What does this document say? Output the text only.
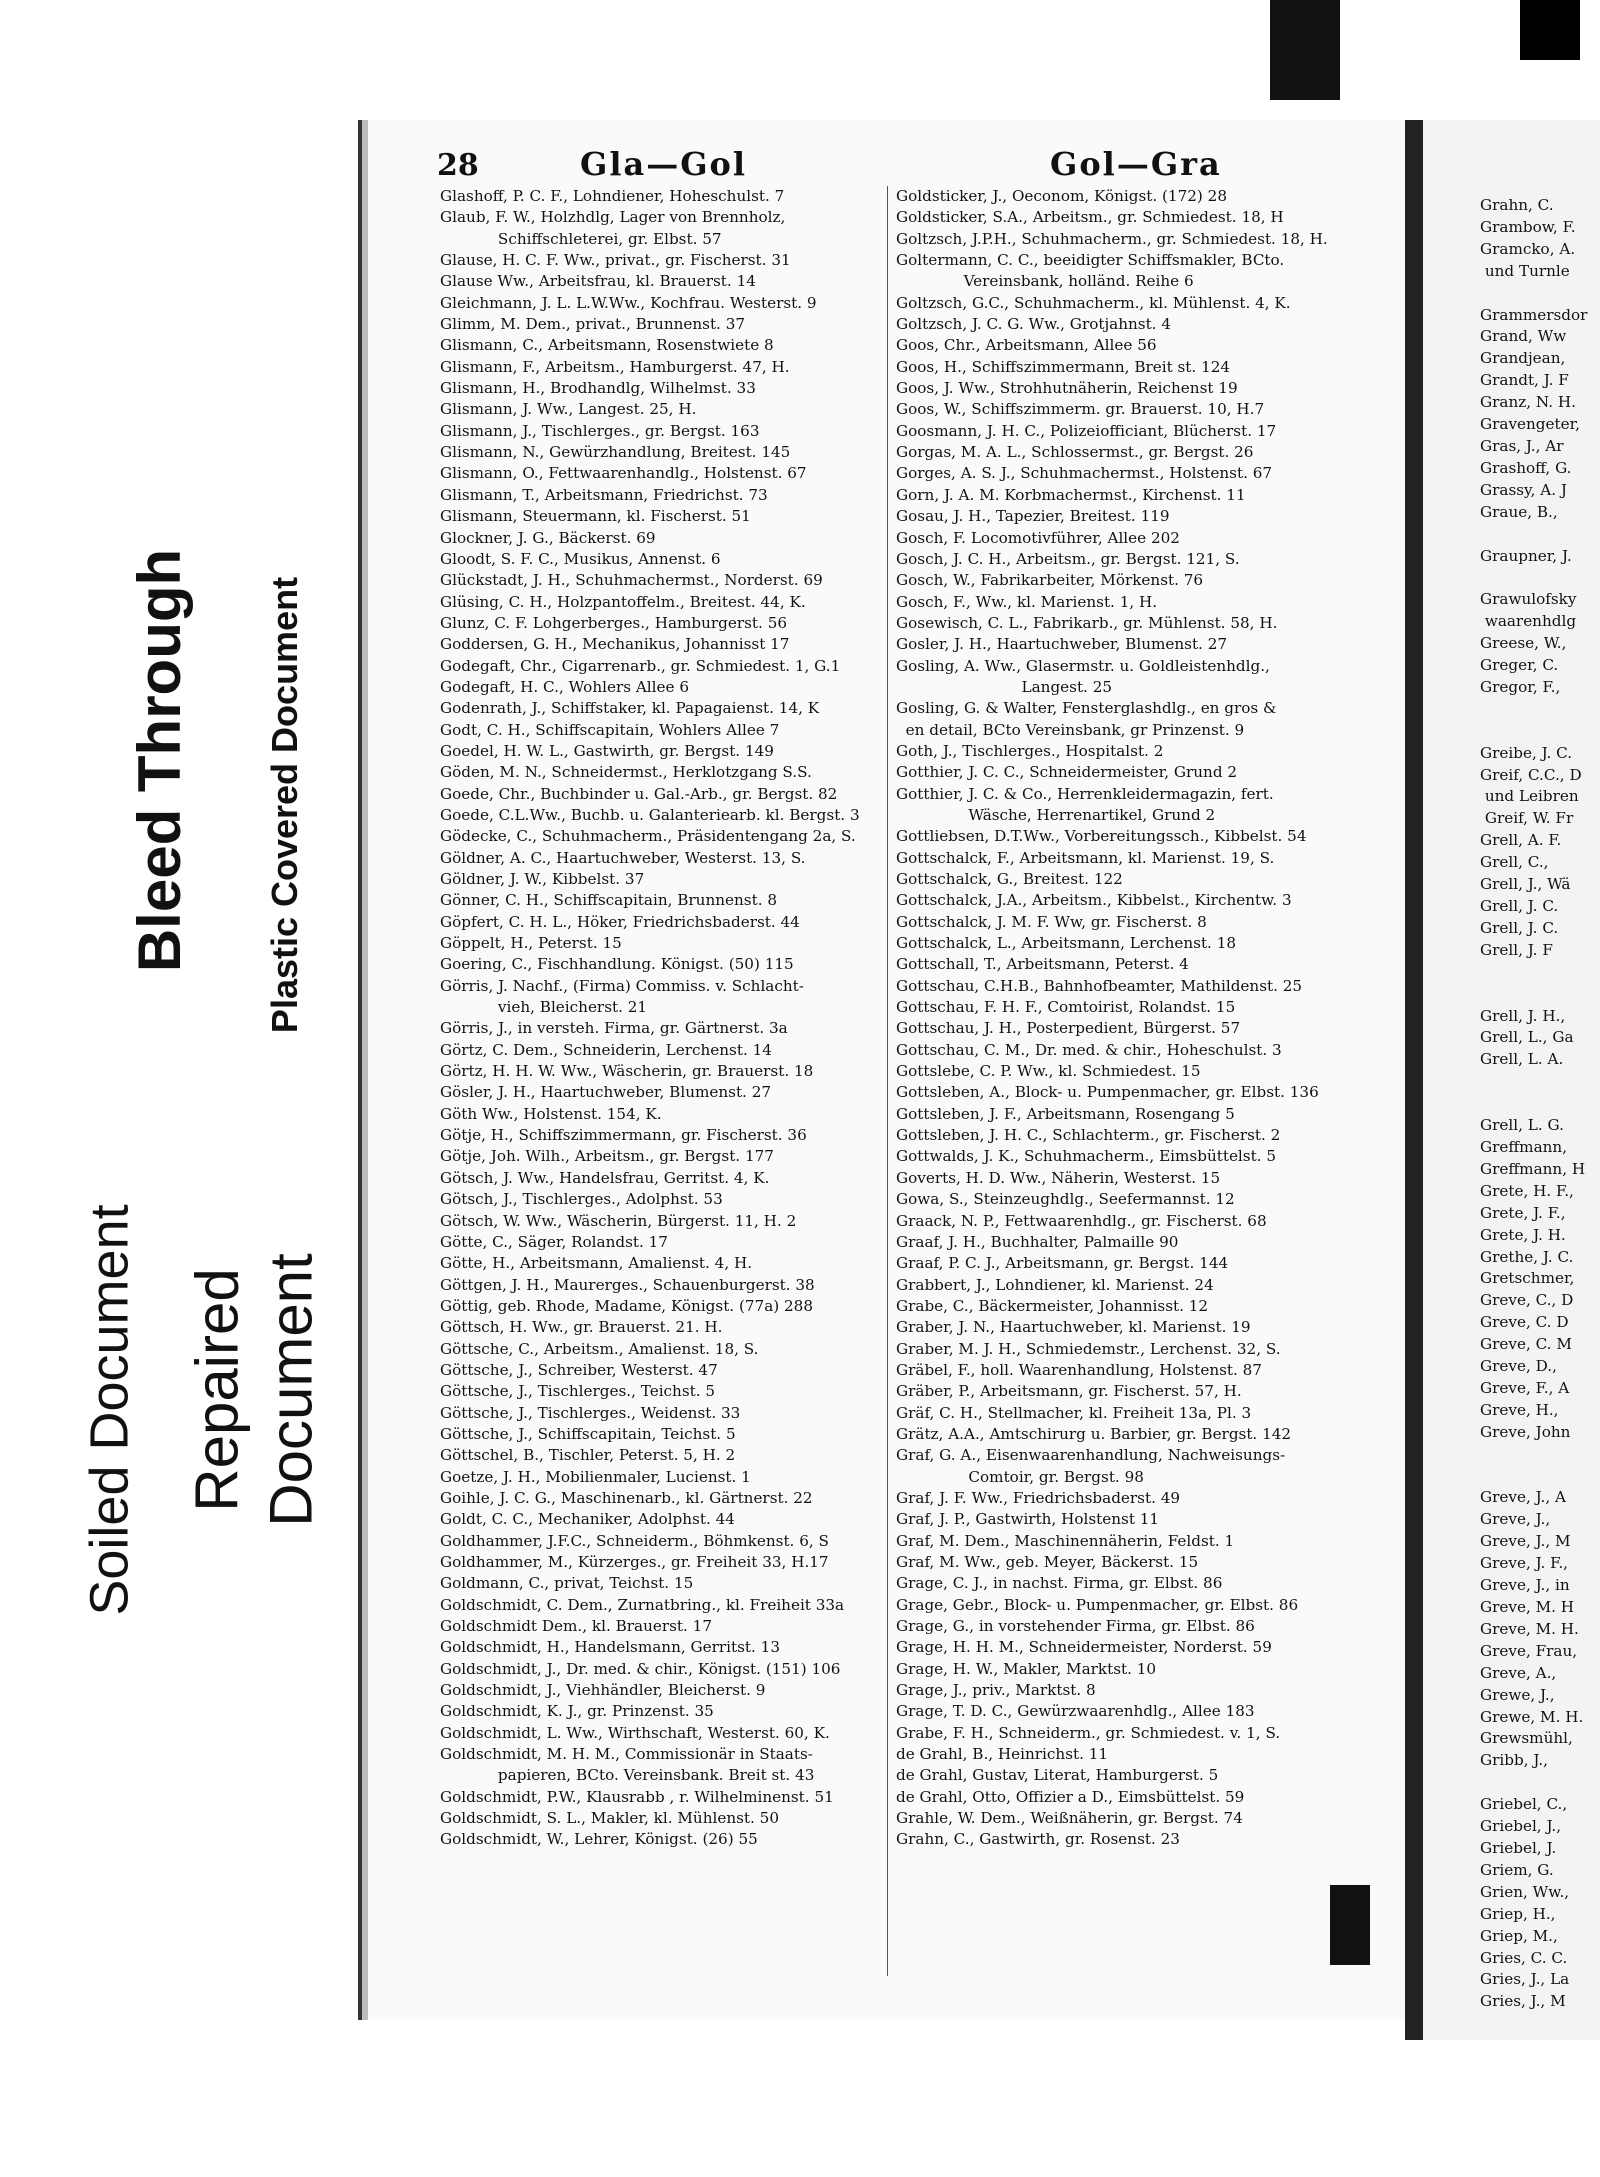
28	Gla—Gol	Gol—Gra
Glashoff, P. C. F., Lohndiener, Hoheschulst. 7
Glaub, F. W., Holzhdlg, Lager von Brennholz,
Schiffschleterei, gr. Elbst. 57
Glause, H. C. F. Ww., privat., gr. Fischerst. 31
Glause Ww., Arbeitsfrau, kl. Brauerst. 14
Gleichmann, J. L. L.W.Ww., Kochfrau. Westerst. 9
Glimm, M. Dem., privat., Brunnenst. 37
Glismann, C., Arbeitsmann, Rosenstwiete 8
Glismann, F., Arbeitsm., Hamburgerst. 47, H.
Glismann, H., Brodhandlg, Wilhelmst. 33
Glismann, J. Ww., Langest. 25, H.
Glismann, J., Tischlerges., gr. Bergst. 163
Glismann, N., Gewürzhandlung, Breitest. 145
Glismann, O., Fettwaarenhandlg., Holstenst. 67
Glismann, T., Arbeitsmann, Friedrichst. 73
Glismann, Steuermann, kl. Fischerst. 51
Glockner, J. G., Bäckerst. 69
Gloodt, S. F. C., Musikus, Annenst. 6
Glückstadt, J. H., Schuhmachermst., Norderst. 69
Glüsing, C. H., Holzpantoffelm., Breitest. 44, K.
Glunz, C. F. Lohgerberges., Hamburgerst. 56
Goddersen, G. H., Mechanikus, Johannisst 17
Godegaft, Chr., Cigarrenarb., gr. Schmiedest. 1, G.1
Godegaft, H. C., Wohlers Allee 6
Godenrath, J., Schiffstaker, kl. Papagaienst. 14, K
Godt, C. H., Schiffscapitain, Wohlers Allee 7
Goedel, H. W. L., Gastwirth, gr. Bergst. 149
Göden, M. N., Schneidermst., Herklotzgang S.S.
Goede, Chr., Buchbinder u. Gal.-Arb., gr. Bergst. 82
Goede, C.L.Ww., Buchb. u. Galanteriearb. kl. Bergst. 3
Gödecke, C., Schuhmacherm., Präsidentengang 2a, S.
Göldner, A. C., Haartuchweber, Westerst. 13, S.
Göldner, J. W., Kibbelst. 37
Gönner, C. H., Schiffscapitain, Brunnenst. 8
Göpfert, C. H. L., Höker, Friedrichsbaderst. 44
Göppelt, H., Peterst. 15
Goering, C., Fischhandlung. Königst. (50) 115
Görris, J. Nachf., (Firma) Commiss. v. Schlacht-
vieh, Bleicherst. 21
Görris, J., in versteh. Firma, gr. Gärtnerst. 3a
Görtz, C. Dem., Schneiderin, Lerchenst. 14
Görtz, H. H. W. Ww., Wäscherin, gr. Brauerst. 18
Gösler, J. H., Haartuchweber, Blumenst. 27
Göth Ww., Holstenst. 154, K.
Götje, H., Schiffszimmermann, gr. Fischerst. 36
Götje, Joh. Wilh., Arbeitsm., gr. Bergst. 177
Götsch, J. Ww., Handelsfrau, Gerritst. 4, K.
Götsch, J., Tischlerges., Adolphst. 53
Götsch, W. Ww., Wäscherin, Bürgerst. 11, H. 2
Götte, C., Säger, Rolandst. 17
Götte, H., Arbeitsmann, Amalienst. 4, H.
Göttgen, J. H., Maurerges., Schauenburgerst. 38
Göttig, geb. Rhode, Madame, Königst. (77a) 288
Göttsch, H. Ww., gr. Brauerst. 21. H.
Göttsche, C., Arbeitsm., Amalienst. 18, S.
Göttsche, J., Schreiber, Westerst. 47
Göttsche, J., Tischlerges., Teichst. 5
Göttsche, J., Tischlerges., Weidenst. 33
Göttsche, J., Schiffscapitain, Teichst. 5
Göttschel, B., Tischler, Peterst. 5, H. 2
Goetze, J. H., Mobilienmaler, Lucienst. 1
Goihle, J. C. G., Maschinenarb., kl. Gärtnerst. 22
Goldt, C. C., Mechaniker, Adolphst. 44
Goldhammer, J.F.C., Schneiderm., Böhmkenst. 6, S
Goldhammer, M., Kürzerges., gr. Freiheit 33, H.17
Goldmann, C., privat, Teichst. 15
Goldschmidt, C. Dem., Zurnatbring., kl. Freiheit 33a
Goldschmidt Dem., kl. Brauerst. 17
Goldschmidt, H., Handelsmann, Gerritst. 13
Goldschmidt, J., Dr. med. & chir., Königst. (151) 106
Goldschmidt, J., Viehhändler, Bleicherst. 9
Goldschmidt, K. J., gr. Prinzenst. 35
Goldschmidt, L. Ww., Wirthschaft, Westerst. 60, K.
Goldschmidt, M. H. M., Commissionär in Staats-
papieren, BCto. Vereinsbank. Breit st. 43
Goldschmidt, P.W., Klausrabb , r. Wilhelminenst. 51
Goldschmidt, S. L., Makler, kl. Mühlenst. 50
Goldschmidt, W., Lehrer, Königst. (26) 55
Goldsticker, J., Oeconom, Königst. (172) 28
Goldsticker, S.A., Arbeitsm., gr. Schmiedest. 18, H
Goltzsch, J.P.H., Schuhmacherm., gr. Schmiedest. 18, H.
Goltermann, C. C., beeidigter Schiffsmakler, BCto.
Vereinsbank, holländ. Reihe 6
Goltzsch, G.C., Schuhmacherm., kl. Mühlenst. 4, K.
Goltzsch, J. C. G. Ww., Grotjahnst. 4
Goos, Chr., Arbeitsmann, Allee 56
Goos, H., Schiffszimmermann, Breit st. 124
Goos, J. Ww., Strohhutnäherin, Reichenst 19
Goos, W., Schiffszimmerm. gr. Brauerst. 10, H.7
Goosmann, J. H. C., Polizeiofficiant, Blücherst. 17
Gorgas, M. A. L., Schlossermst., gr. Bergst. 26
Gorges, A. S. J., Schuhmachermst., Holstenst. 67
Gorn, J. A. M. Korbmachermst., Kirchenst. 11
Gosau, J. H., Tapezier, Breitest. 119
Gosch, F. Locomotivführer, Allee 202
Gosch, J. C. H., Arbeitsm., gr. Bergst. 121, S.
Gosch, W., Fabrikarbeiter, Mörkenst. 76
Gosch, F., Ww., kl. Marienst. 1, H.
Gosewisch, C. L., Fabrikarb., gr. Mühlenst. 58, H.
Gosler, J. H., Haartuchweber, Blumenst. 27
Gosling, A. Ww., Glasermstr. u. Goldleistenhdlg.,
Langest. 25
Gosling, G. & Walter, Fensterglashdlg., en gros &
en detail, BCto Vereinsbank, gr Prinzenst. 9
Goth, J., Tischlerges., Hospitalst. 2
Gotthier, J. C. C., Schneidermeister, Grund 2
Gotthier, J. C. & Co., Herrenkleidermagazin, fert.
Wäsche, Herrenartikel, Grund 2
Gottliebsen, D.T.Ww., Vorbereitungssch., Kibbelst. 54
Gottschalck, F., Arbeitsmann, kl. Marienst. 19, S.
Gottschalck, G., Breitest. 122
Gottschalck, J.A., Arbeitsm., Kibbelst., Kirchentw. 3
Gottschalck, J. M. F. Ww, gr. Fischerst. 8
Gottschalck, L., Arbeitsmann, Lerchenst. 18
Gottschall, T., Arbeitsmann, Peterst. 4
Gottschau, C.H.B., Bahnhofbeamter, Mathildenst. 25
Gottschau, F. H. F., Comtoirist, Rolandst. 15
Gottschau, J. H., Posterpedient, Bürgerst. 57
Gottschau, C. M., Dr. med. & chir., Hoheschulst. 3
Gottslebe, C. P. Ww., kl. Schmiedest. 15
Gottsleben, A., Block- u. Pumpenmacher, gr. Elbst. 136
Gottsleben, J. F., Arbeitsmann, Rosengang 5
Gottsleben, J. H. C., Schlachterm., gr. Fischerst. 2
Gottwalds, J. K., Schuhmacherm., Eimsbüttelst. 5
Goverts, H. D. Ww., Näherin, Westerst. 15
Gowa, S., Steinzeughdlg., Seefermannst. 12
Graack, N. P., Fettwaarenhdlg., gr. Fischerst. 68
Graaf, J. H., Buchhalter, Palmaille 90
Graaf, P. C. J., Arbeitsmann, gr. Bergst. 144
Grabbert, J., Lohndiener, kl. Marienst. 24
Grabe, C., Bäckermeister, Johannisst. 12
Graber, J. N., Haartuchweber, kl. Marienst. 19
Graber, M. J. H., Schmiedemstr., Lerchenst. 32, S.
Gräbel, F., holl. Waarenhandlung, Holstenst. 87
Gräber, P., Arbeitsmann, gr. Fischerst. 57, H.
Gräf, C. H., Stellmacher, kl. Freiheit 13a, Pl. 3
Grätz, A.A., Amtschirurg u. Barbier, gr. Bergst. 142
Graf, G. A., Eisenwaarenhandlung, Nachweisungs-
Comtoir, gr. Bergst. 98
Graf, J. F. Ww., Friedrichsbaderst. 49
Graf, J. P., Gastwirth, Holstenst 11
Graf, M. Dem., Maschinennäherin, Feldst. 1
Graf, M. Ww., geb. Meyer, Bäckerst. 15
Grage, C. J., in nachst. Firma, gr. Elbst. 86
Grage, Gebr., Block- u. Pumpenmacher, gr. Elbst. 86
Grage, G., in vorstehender Firma, gr. Elbst. 86
Grage, H. H. M., Schneidermeister, Norderst. 59
Grage, H. W., Makler, Marktst. 10
Grage, J., priv., Marktst. 8
Grage, T. D. C., Gewürzwaarenhdlg., Allee 183
Grabe, F. H., Schneiderm., gr. Schmiedest. v. 1, S.
de Grahl, B., Heinrichst. 11
de Grahl, Gustav, Literat, Hamburgerst. 5
de Grahl, Otto, Offizier a D., Eimsbüttelst. 59
Grahle, W. Dem., Weißnäherin, gr. Bergst. 74
Grahn, C., Gastwirth, gr. Rosenst. 23
Grahn, C.
Grambow, F.
Gramcko, A.
und Turnle

Grammersdor
Grand, Ww
Grandjean,
Grandt, J. F
Granz, N. H.
Gravengeter,
Gras, J., Ar
Grashoff, G.
Grassy, A. J
Graue, B.,

Graupner, J.

Grawulofsky
waarenhdlg
Greese, W.,
Greger, C.
Gregor, F.,

Greibe, J. C.
Greif, C.C., D
und Leibren
Greif, W. Fr
Grell, A. F.
Grell, C.,
Grell, J., Wä
Grell, J. C.
Grell, J. C.
Grell, J. F

Grell, J. H.,
Grell, L., Ga
Grell, L. A.

Grell, L. G.
Greffmann,
Greffmann, H
Grete, H. F.,
Grete, J. F.,
Grete, J. H.
Grethe, J. C.
Gretschmer,
Greve, C., D
Greve, C. D
Greve, C. M
Greve, D.,
Greve, F., A
Greve, H.,
Greve, John

Greve, J., A
Greve, J.,
Greve, J., M
Greve, J. F.,
Greve, J., in
Greve, M. H
Greve, M. H.
Greve, Frau,
Greve, A.,
Grewe, J.,
Grewe, M. H.
Grewsmühl,
Gribb, J.,

Griebel, C.,
Griebel, J.,
Griebel, J.
Griem, G.
Grien, Ww.,
Griep, H.,
Griep, M.,
Gries, C. C.
Gries, J., La
Gries, J., M
Soiled Document Repaired
Document
Bleed Through Plastic Covered Document
